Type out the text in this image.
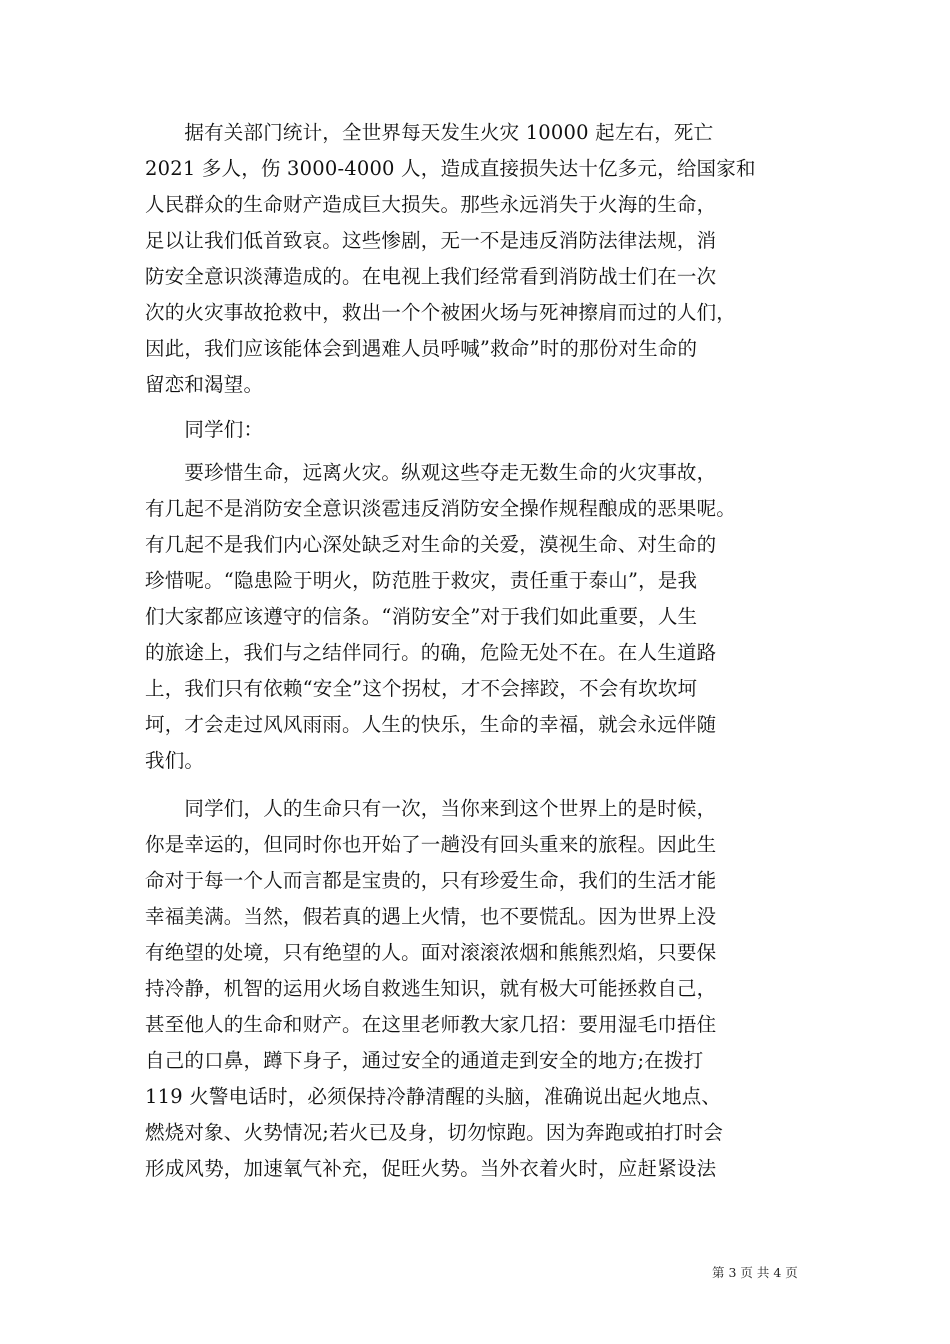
　　据有关部门统计，全世界每天发生火灾 10000 起左右，死亡
2021 多人，伤 3000-4000 人，造成直接损失达十亿多元，给国家和
人民群众的生命财产造成巨大损失。那些永远消失于火海的生命，
足以让我们低首致哀。这些惨剧，无一不是违反消防法律法规，消
防安全意识淡薄造成的。在电视上我们经常看到消防战士们在一次
次的火灾事故抢救中，救出一个个被困火场与死神擦肩而过的人们，
因此，我们应该能体会到遇难人员呼喊”救命”时的那份对生命的
留恋和渴望。
　　同学们：
　　要珍惜生命，远离火灾。纵观这些夺走无数生命的火灾事故，
有几起不是消防安全意识淡雹违反消防安全操作规程酿成的恶果呢。
有几起不是我们内心深处缺乏对生命的关爱，漠视生命、对生命的
珍惜呢。“隐患险于明火，防范胜于救灾，责任重于泰山”，是我
们大家都应该遵守的信条。“消防安全”对于我们如此重要，人生
的旅途上，我们与之结伴同行。的确，危险无处不在。在人生道路
上，我们只有依赖“安全”这个拐杖，才不会摔跤，不会有坎坎坷
坷，才会走过风风雨雨。人生的快乐，生命的幸福，就会永远伴随
我们。
　　同学们，人的生命只有一次，当你来到这个世界上的是时候，
你是幸运的，但同时你也开始了一趟没有回头重来的旅程。因此生
命对于每一个人而言都是宝贵的，只有珍爱生命，我们的生活才能
幸福美满。当然，假若真的遇上火情，也不要慌乱。因为世界上没
有绝望的处境，只有绝望的人。面对滚滚浓烟和熊熊烈焰，只要保
持冷静，机智的运用火场自救逃生知识，就有极大可能拯救自己，
甚至他人的生命和财产。在这里老师教大家几招：要用湿毛巾捂住
自己的口鼻，蹲下身子，通过安全的通道走到安全的地方;在拨打
119 火警电话时，必须保持冷静清醒的头脑，准确说出起火地点、
燃烧对象、火势情况;若火已及身，切勿惊跑。因为奔跑或拍打时会
形成风势，加速氧气补充，促旺火势。当外衣着火时，应赶紧设法
第 3 页 共 4 页
